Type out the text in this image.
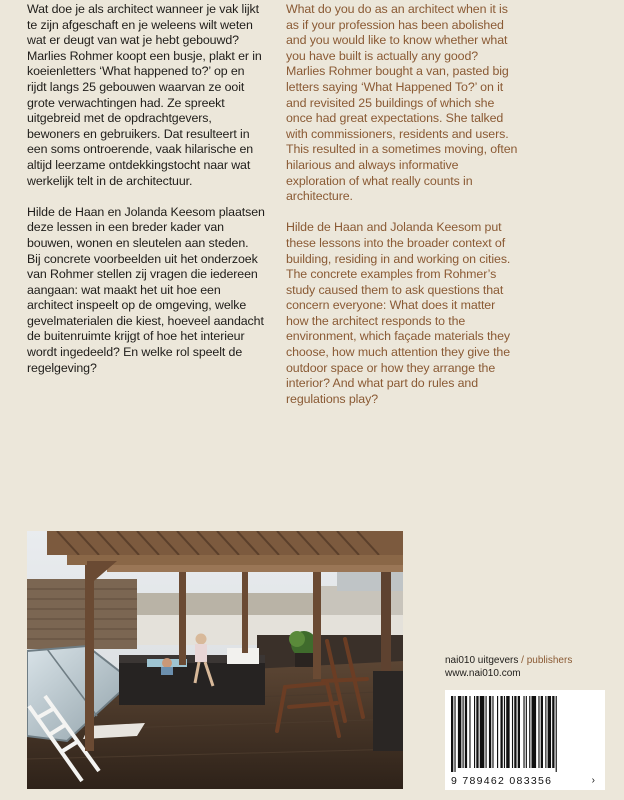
Wat doe je als architect wanneer je vak lijkt te zijn afgeschaft en je weleens wilt weten wat er deugt van wat je hebt gebouwd? Marlies Rohmer koopt een busje, plakt er in koeienletters ‘What happened to?’ op en rijdt langs 25 gebouwen waarvan ze ooit grote verwachtingen had. Ze spreekt uitgebreid met de opdrachtgevers, bewoners en gebruikers. Dat resulteert in een soms ontroerende, vaak hilarische en altijd leerzame ontdekkingstocht naar wat werkelijk telt in de architectuur.

Hilde de Haan en Jolanda Keesom plaatsen deze lessen in een breder kader van bouwen, wonen en sleutelen aan steden. Bij concrete voorbeelden uit het onderzoek van Rohmer stellen zij vragen die iedereen aangaan: wat maakt het uit hoe een architect inspeelt op de omgeving, welke gevelmaterialen die kiest, hoeveel aandacht de buitenruimte krijgt of hoe het interieur wordt ingedeeld? En welke rol speelt de regelgeving?

What do you do as an architect when it is as if your profession has been abolished and you would like to know whether what you have built is actually any good? Marlies Rohmer bought a van, pasted big letters saying ‘What Happened To?’ on it and revisited 25 buildings of which she once had great expectations. She talked with commissioners, residents and users. This resulted in a sometimes moving, often hilarious and always informative exploration of what really counts in architecture.

Hilde de Haan and Jolanda Keesom put these lessons into the broader context of building, residing in and working on cities. The concrete examples from Rohmer’s study caused them to ask questions that concern everyone: What does it matter how the architect responds to the environment, which façade materials they choose, how much attention they give the outdoor space or how they arrange the interior? And what part do rules and regulations play?

nai010 uitgevers / publishers
www.nai010.com
9 789462 083356	›
